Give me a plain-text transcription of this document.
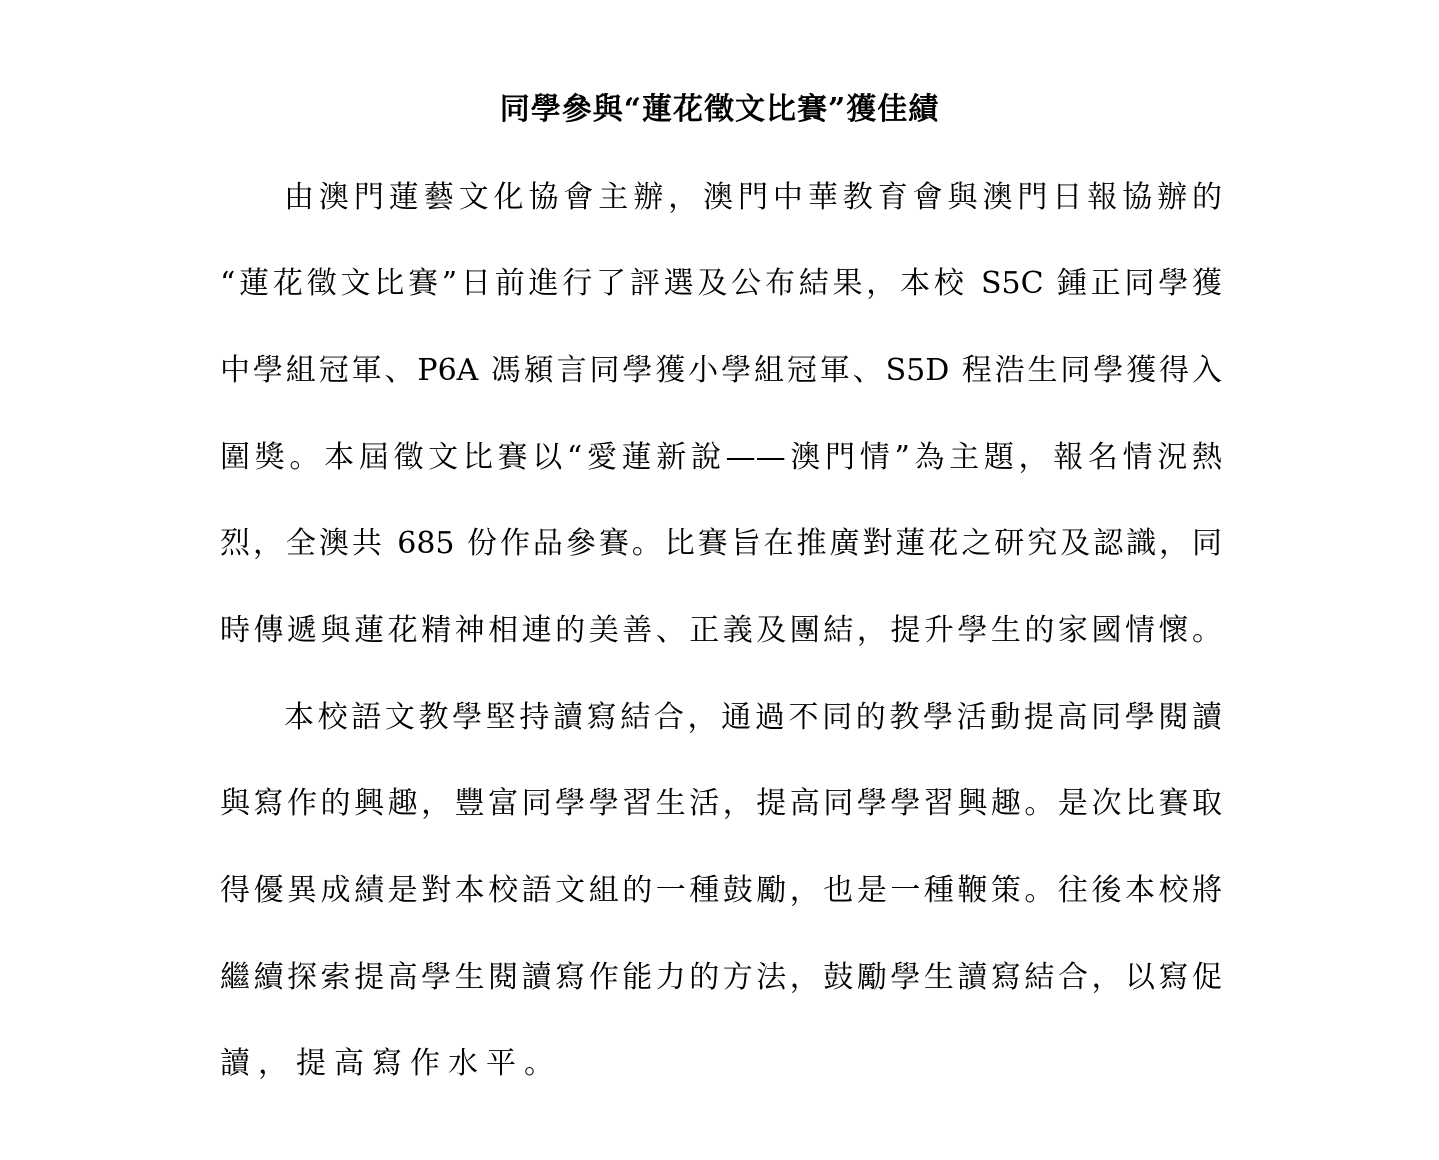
同學參與“蓮花徵文比賽”獲佳績
由澳門蓮藝文化協會主辦，澳門中華教育會與澳門日報協辦的
“蓮花徵文比賽”日前進行了評選及公布結果，本校 S5C 鍾正同學獲
中學組冠軍、P6A 馮潁言同學獲小學組冠軍、S5D 程浩生同學獲得入
圍獎。本屆徵文比賽以“愛蓮新說——澳門情”為主題，報名情況熱
烈，全澳共 685 份作品參賽。比賽旨在推廣對蓮花之研究及認識，同
時傳遞與蓮花精神相連的美善、正義及團結，提升學生的家國情懷。
本校語文教學堅持讀寫結合，通過不同的教學活動提高同學閱讀
與寫作的興趣，豐富同學學習生活，提高同學學習興趣。是次比賽取
得優異成績是對本校語文組的一種鼓勵，也是一種鞭策。往後本校將
繼續探索提高學生閱讀寫作能力的方法，鼓勵學生讀寫結合，以寫促
讀，提高寫作水平。
